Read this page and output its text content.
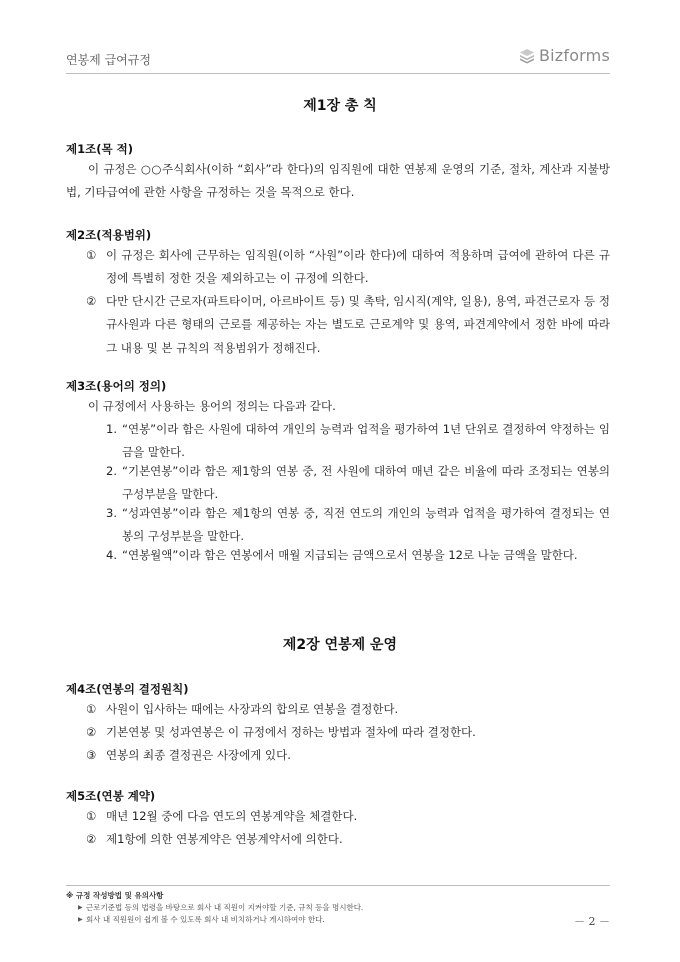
연봉제 급여규정	Bizforms
제1장 총 칙
제1조(목 적)
이 규정은 ○○주식회사(이하 “회사”라 한다)의 임직원에 대한 연봉제 운영의 기준, 절차, 계산과 지불방법, 기타급여에 관한 사항을 규정하는 것을 목적으로 한다.
제2조(적용범위)
① 이 규정은 회사에 근무하는 임직원(이하 “사원”이라 한다)에 대하여 적용하며 급여에 관하여 다른 규정에 특별히 정한 것을 제외하고는 이 규정에 의한다.
② 다만 단시간 근로자(파트타이머, 아르바이트 등) 및 촉탁, 임시직(계약, 일용), 용역, 파견근로자 등 정규사원과 다른 형태의 근로를 제공하는 자는 별도로 근로계약 및 용역, 파견계약에서 정한 바에 따라 그 내용 및 본 규칙의 적용범위가 정해진다.
제3조(용어의 정의)
이 규정에서 사용하는 용어의 정의는 다음과 같다.
1. “연봉”이라 함은 사원에 대하여 개인의 능력과 업적을 평가하여 1년 단위로 결정하여 약정하는 임금을 말한다.
2. “기본연봉”이라 함은 제1항의 연봉 중, 전 사원에 대하여 매년 같은 비율에 따라 조정되는 연봉의 구성부분을 말한다.
3. “성과연봉”이라 함은 제1항의 연봉 중, 직전 연도의 개인의 능력과 업적을 평가하여 결정되는 연봉의 구성부분을 말한다.
4. “연봉월액”이라 함은 연봉에서 매월 지급되는 금액으로서 연봉을 12로 나눈 금액을 말한다.
제2장 연봉제 운영
제4조(연봉의 결정원칙)
① 사원이 입사하는 때에는 사장과의 합의로 연봉을 결정한다.
② 기본연봉 및 성과연봉은 이 규정에서 정하는 방법과 절차에 따라 결정한다.
③ 연봉의 최종 결정권은 사장에게 있다.
제5조(연봉 계약)
① 매년 12월 중에 다음 연도의 연봉계약을 체결한다.
② 제1항에 의한 연봉계약은 연봉계약서에 의한다.
※ 규정 작성방법 및 유의사항
▶ 근로기준법 등의 법령을 바탕으로 회사 내 직원이 지켜야할 기준, 규칙 등을 명시한다.
▶ 회사 내 직원원이 쉽게 볼 수 있도록 회사 내 비치하거나 게시하여야 한다.	－ 2 －
